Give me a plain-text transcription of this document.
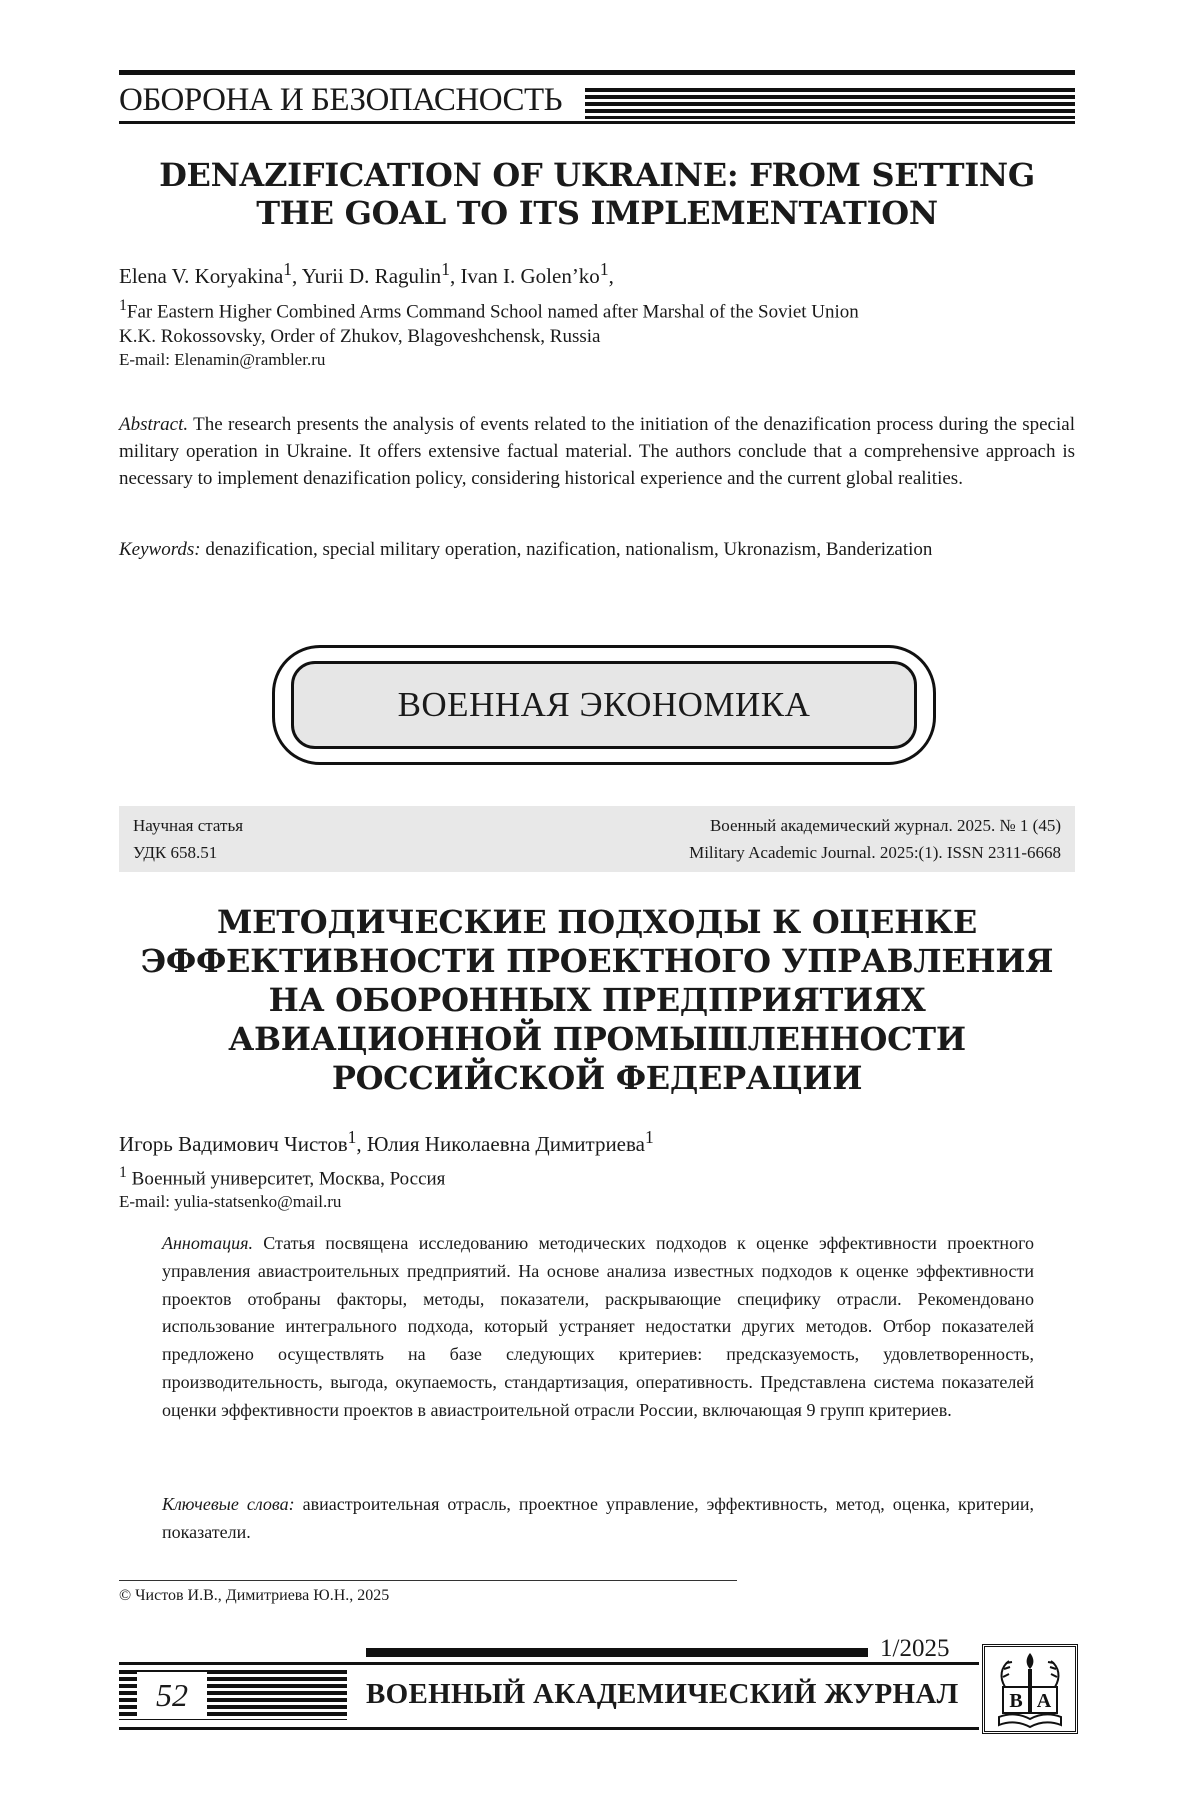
ОБОРОНА И БЕЗОПАСНОСТЬ
DENAZIFICATION OF UKRAINE: FROM SETTING
THE GOAL TO ITS IMPLEMENTATION
Elena V. Koryakina$^1$, Yurii D. Ragulin$^1$, Ivan I. $Golen’ko^1$,
$^1$Far Eastern Higher Combined Arms Command School named after Marshal of the Soviet Union
K.K. Rokossovsky, Order of Zhukov, Blagoveshchensk, Russia
E-mail: Elenamin@rambler.ru
Abstract. The research presents the analysis of events related to the initiation of the denazification process during the special military operation in Ukraine. It offers extensive factual material. The authors conclude that a comprehensive approach is necessary to implement denazification policy, considering historical experience and the current global realities.
Keywords: denazification, special military operation, nazification, nationalism, Ukronazism, Banderization
ВОЕННАЯ ЭКОНОМИКА
Научная статья	Военный академический журнал. 2025. № 1 (45)
УДК 658.51	Military Academic Journal. 2025:(1). ISSN 2311-6668
МЕТОДИЧЕСКИЕ ПОДХОДЫ К ОЦЕНКЕ
ЭФФЕКТИВНОСТИ ПРОЕКТНОГО УПРАВЛЕНИЯ
НА ОБОРОННЫХ ПРЕДПРИЯТИЯХ
АВИАЦИОННОЙ ПРОМЫШЛЕННОСТИ
РОССИЙСКОЙ ФЕДЕРАЦИИ
Игорь Вадимович Чистов$^1$, Юлия Николаевна Димитриева$^1$
$^1$ Военный университет, Москва, Россия
E-mail: yulia-statsenko@mail.ru
Аннотация. Статья посвящена исследованию методических подходов к оценке эффективности проектного управления авиастроительных предприятий. На основе анализа известных подходов к оценке эффективности проектов отобраны факторы, методы, показатели, раскрывающие специфику отрасли. Рекомендовано использование интегрального подхода, который устраняет недостатки других методов. Отбор показателей предложено осуществлять на базе следующих критериев: предсказуемость, удовлетворенность, производительность, выгода, окупаемость, стандартизация, оперативность. Представлена система показателей оценки эффективности проектов в авиастроительной отрасли России, включающая 9 групп критериев.
Ключевые слова: авиастроительная отрасль, проектное управление, эффективность, метод, оценка, критерии, показатели.
© Чистов И.В., Димитриева Ю.Н., 2025
1/2025
52	ВОЕННЫЙ АКАДЕМИЧЕСКИЙ ЖУРНАЛ	В А
